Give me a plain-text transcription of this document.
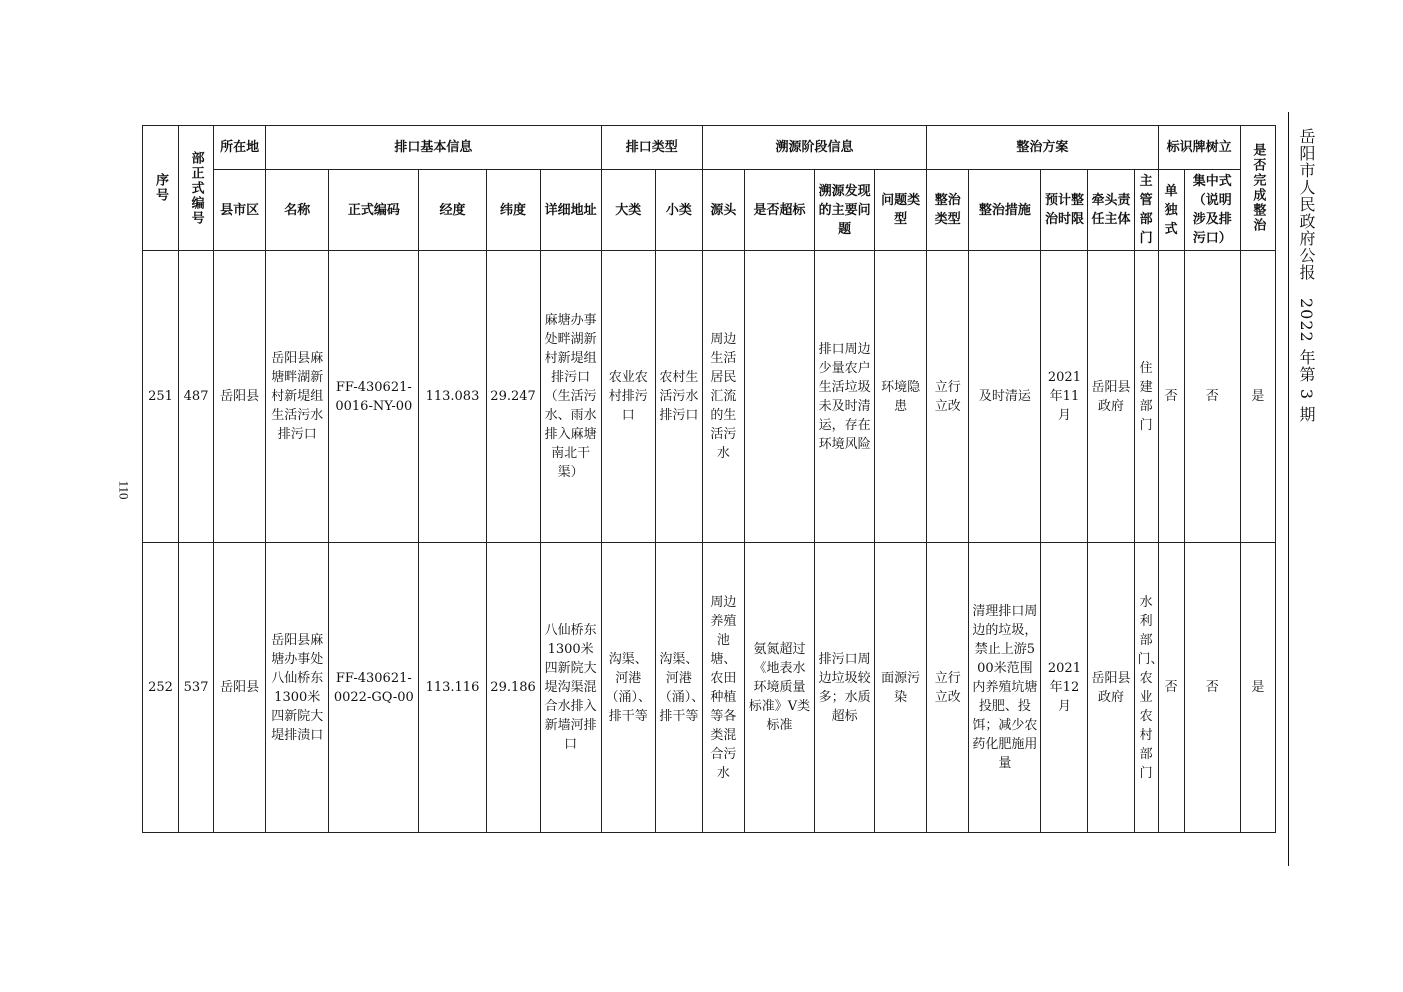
110
岳阳市人民政府公报　2022 年第 3 期
序号	部正式编号	所在地	排口基本信息					排口类型		溯源阶段信息				整治方案					标识牌树立		是否完成整治

		县市区	名称	正式编码	经度	纬度	详细地址	大类	小类	源头	是否超标	溯源发现的主要问题	问题类型	整治类型	整治措施	预计整治时限	牵头责任主体	主管部门	单独式	集中式（说明涉及排污口）	
251	487	岳阳县	岳阳县麻塘畔湖新村新堤组生活污水排污口	FF-430621-0016-NY-00	113.083	29.247	麻塘办事处畔湖新村新堤组排污口（生活污水、雨水排入麻塘南北干渠）	农业农村排污口	农村生活污水排污口	周边生活居民汇流的生活污水		排口周边少量农户生活垃圾未及时清运，存在环境风险	环境隐患	立行立改	及时清运	2021年11月	岳阳县政府	住建部门	否	否	是
252	537	岳阳县	岳阳县麻塘办事处八仙桥东1300米四新院大堤排渍口	FF-430621-0022-GQ-00	113.116	29.186	八仙桥东1300米四新院大堤沟渠混合水排入新墙河排口	沟渠、河港（涌）、排干等	沟渠、河港（涌）、排干等	周边养殖池塘、农田种植等各类混合污水	氨氮超过《地表水环境质量标准》Ⅴ类标准	排污口周边垃圾较多；水质超标	面源污染	立行立改	清理排口周边的垃圾，禁止上游500米范围内养殖坑塘投肥、投饵；减少农药化肥施用量	2021年12月	岳阳县政府	水利部门、农业农村部门	否	否	是
